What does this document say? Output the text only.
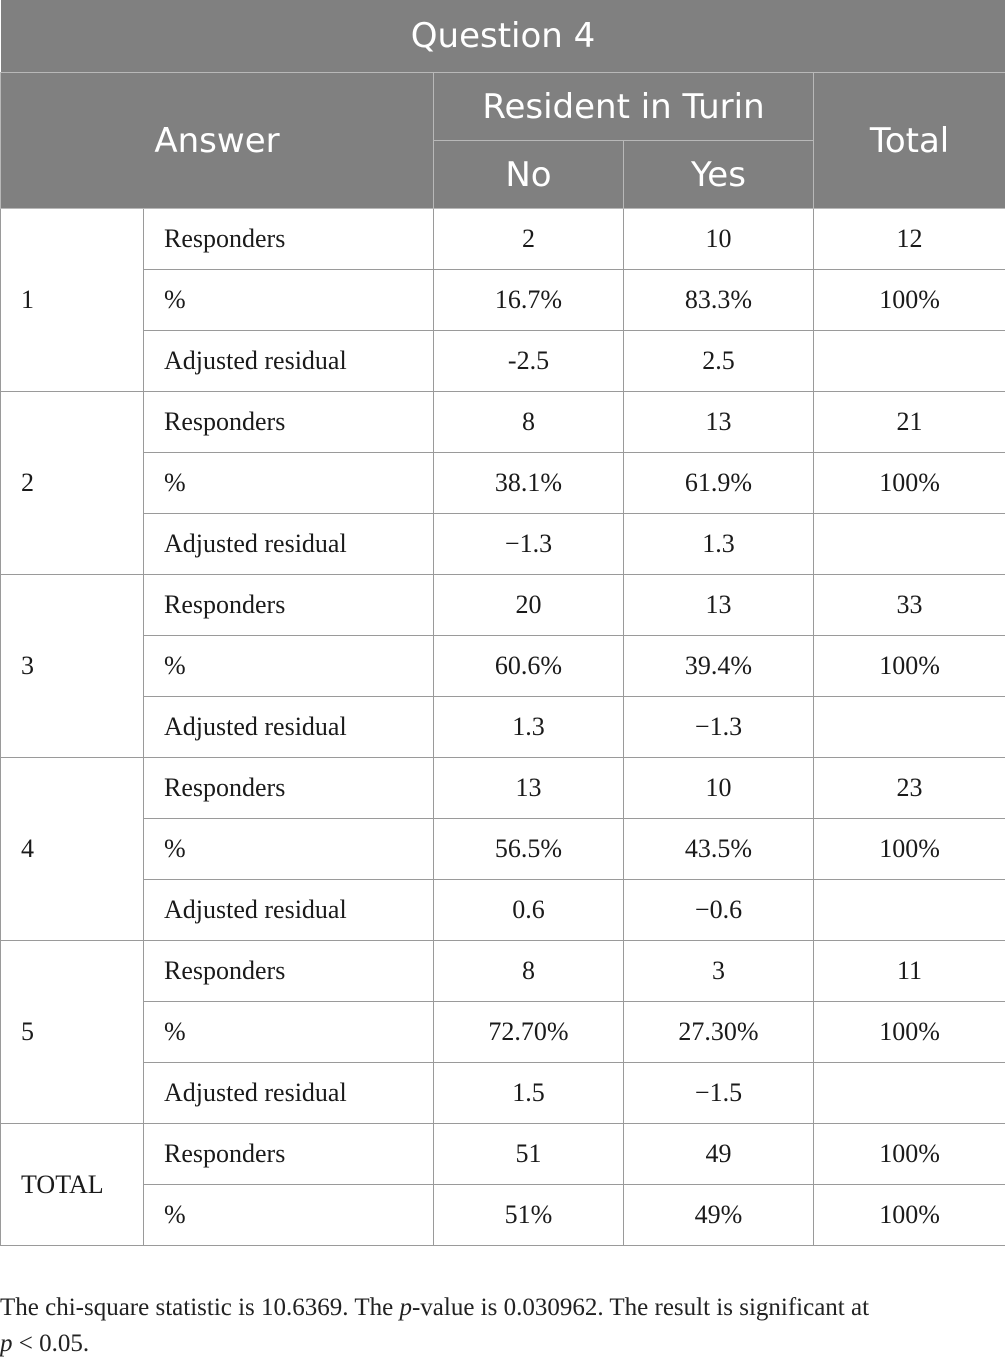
Question 4				
Answer		Resident in Turin		Total
		No	Yes	
1	Responders	2	10	12
	%	16.7%	83.3%	100%
	Adjusted residual	-2.5	2.5	
2	Responders	8	13	21
	%	38.1%	61.9%	100%
	Adjusted residual	−1.3	1.3	
3	Responders	20	13	33
	%	60.6%	39.4%	100%
	Adjusted residual	1.3	−1.3	
4	Responders	13	10	23
	%	56.5%	43.5%	100%
	Adjusted residual	0.6	−0.6	
5	Responders	8	3	11
	%	72.70%	27.30%	100%
	Adjusted residual	1.5	−1.5	
TOTAL	Responders	51	49	100%
	%	51%	49%	100%

The chi-square statistic is 10.6369. The p-value is 0.030962. The result is significant at
p < 0.05.
